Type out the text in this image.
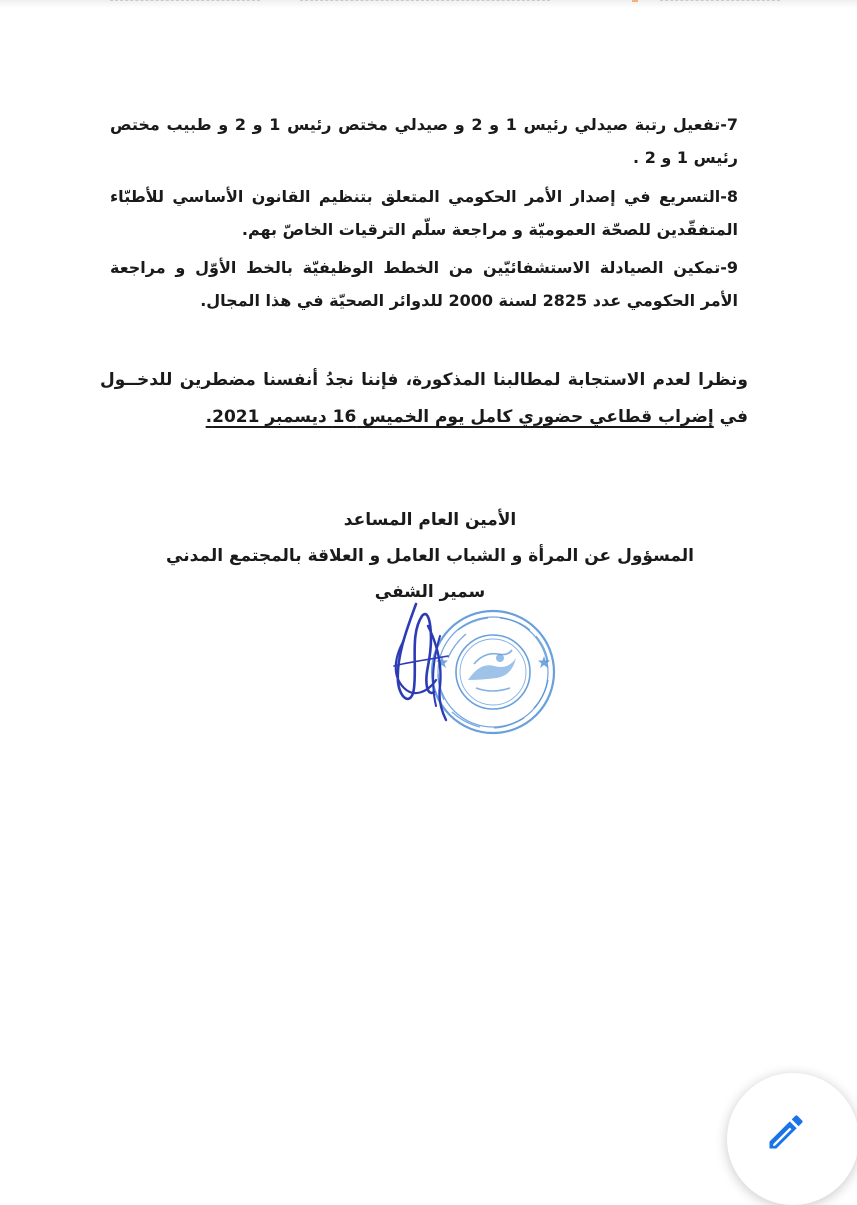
7-تفعيل رتبة صيدلي رئيس 1 و 2 و صيدلي مختص رئيس 1 و 2 و طبيب مختص رئيس 1 و 2 .
8-التسريع في إصدار الأمر الحكومي المتعلق بتنظيم القانون الأساسي للأطبّاء المتفقّدين للصحّة العموميّة و مراجعة سلّم الترقيات الخاصّ بهم.
9-تمكين الصيادلة الاستشفائيّين من الخطط الوظيفيّة بالخط الأوّل و مراجعة الأمر الحكومي عدد 2825 لسنة 2000 للدوائر الصحيّة في هذا المجال.
ونظرا لعدم الاستجابة لمطالبنا المذكورة، فإننا نجدُ أنفسنا مضطرين للدخــول في إضراب قطاعي حضوري كامل يوم الخميس 16 ديسمبر 2021.
الأمين العام المساعد
المسؤول عن المرأة و الشباب العامل و العلاقة بالمجتمع المدني
سمير الشفي
